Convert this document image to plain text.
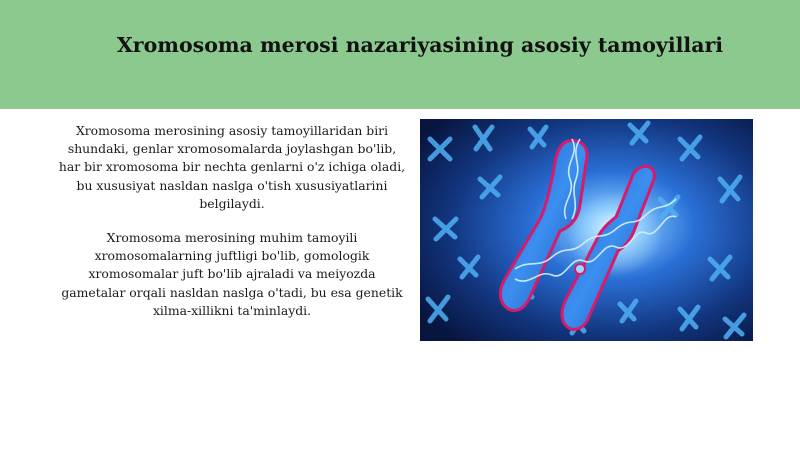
Xromosoma merosi nazariyasining asosiy tamoyillari

Xromosoma merosining asosiy tamoyillaridan biri shundaki, genlar xromosomalarda joylashgan bo'lib, har bir xromosoma bir nechta genlarni o'z ichiga oladi, bu xususiyat nasldan naslga o'tish xususiyatlarini belgilaydi.

Xromosoma merosining muhim tamoyili xromosomalarning juftligi bo'lib, gomologik xromosomalar juft bo'lib ajraladi va meiyozda gametalar orqali nasldan naslga o'tadi, bu esa genetik xilma-xillikni ta'minlaydi.
